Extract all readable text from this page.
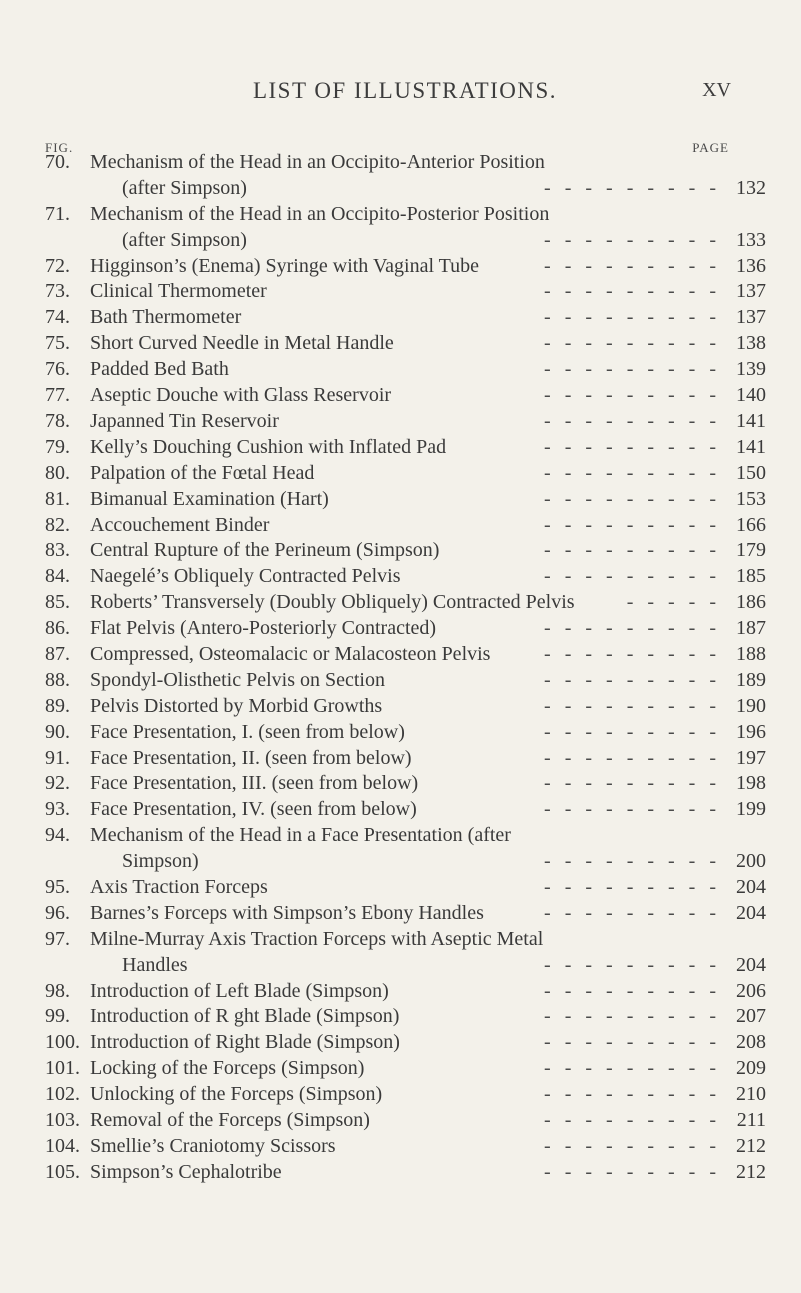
LIST OF ILLUSTRATIONS.	XV
FIG.	PAGE
70.	Mechanism of the Head in an Occipito-Anterior Position
(after Simpson)	132
- - - - - - - - -
71.	Mechanism of the Head in an Occipito-Posterior Position
(after Simpson)	133
- - - - - - - - -
72.	Higginson’s (Enema) Syringe with Vaginal Tube	136
- - - - - - - - -
73.	Clinical Thermometer	137
- - - - - - - - -
74.	Bath Thermometer	137
- - - - - - - - -
75.	Short Curved Needle in Metal Handle	138
- - - - - - - - -
76.	Padded Bed Bath	139
- - - - - - - - -
77.	Aseptic Douche with Glass Reservoir	140
- - - - - - - - -
78.	Japanned Tin Reservoir	141
- - - - - - - - -
79.	Kelly’s Douching Cushion with Inflated Pad	141
- - - - - - - - -
80.	Palpation of the Fœtal Head	150
- - - - - - - - -
81.	Bimanual Examination (Hart)	153
- - - - - - - - -
82.	Accouchement Binder	166
- - - - - - - - -
83.	Central Rupture of the Perineum (Simpson)	179
- - - - - - - - -
84.	Naegelé’s Obliquely Contracted Pelvis	185
- - - - - - - - -
85.	Roberts’ Transversely (Doubly Obliquely) Contracted Pelvis	186
- - - - -
86.	Flat Pelvis (Antero-Posteriorly Contracted)	187
- - - - - - - - -
87.	Compressed, Osteomalacic or Malacosteon Pelvis	188
- - - - - - - - -
88.	Spondyl-Olisthetic Pelvis on Section	189
- - - - - - - - -
89.	Pelvis Distorted by Morbid Growths	190
- - - - - - - - -
90.	Face Presentation, I. (seen from below)	196
- - - - - - - - -
91.	Face Presentation, II. (seen from below)	197
- - - - - - - - -
92.	Face Presentation, III. (seen from below)	198
- - - - - - - - -
93.	Face Presentation, IV. (seen from below)	199
- - - - - - - - -
94.	Mechanism of the Head in a Face Presentation (after
Simpson)	200
- - - - - - - - -
95.	Axis Traction Forceps	204
- - - - - - - - -
96.	Barnes’s Forceps with Simpson’s Ebony Handles	204
- - - - - - - - -
97.	Milne-Murray Axis Traction Forceps with Aseptic Metal
Handles	204
- - - - - - - - -
98.	Introduction of Left Blade (Simpson)	206
- - - - - - - - -
99.	Introduction of R ght Blade (Simpson)	207
- - - - - - - - -
100. Introduction of Right Blade (Simpson)	208
- - - - - - - - -
101. Locking of the Forceps (Simpson)	209
- - - - - - - - -
102. Unlocking of the Forceps (Simpson)	210
- - - - - - - - -
103. Removal of the Forceps (Simpson)	211
- - - - - - - - -
104. Smellie’s Craniotomy Scissors	212
- - - - - - - - -
105. Simpson’s Cephalotribe	212
- - - - - - - - -
